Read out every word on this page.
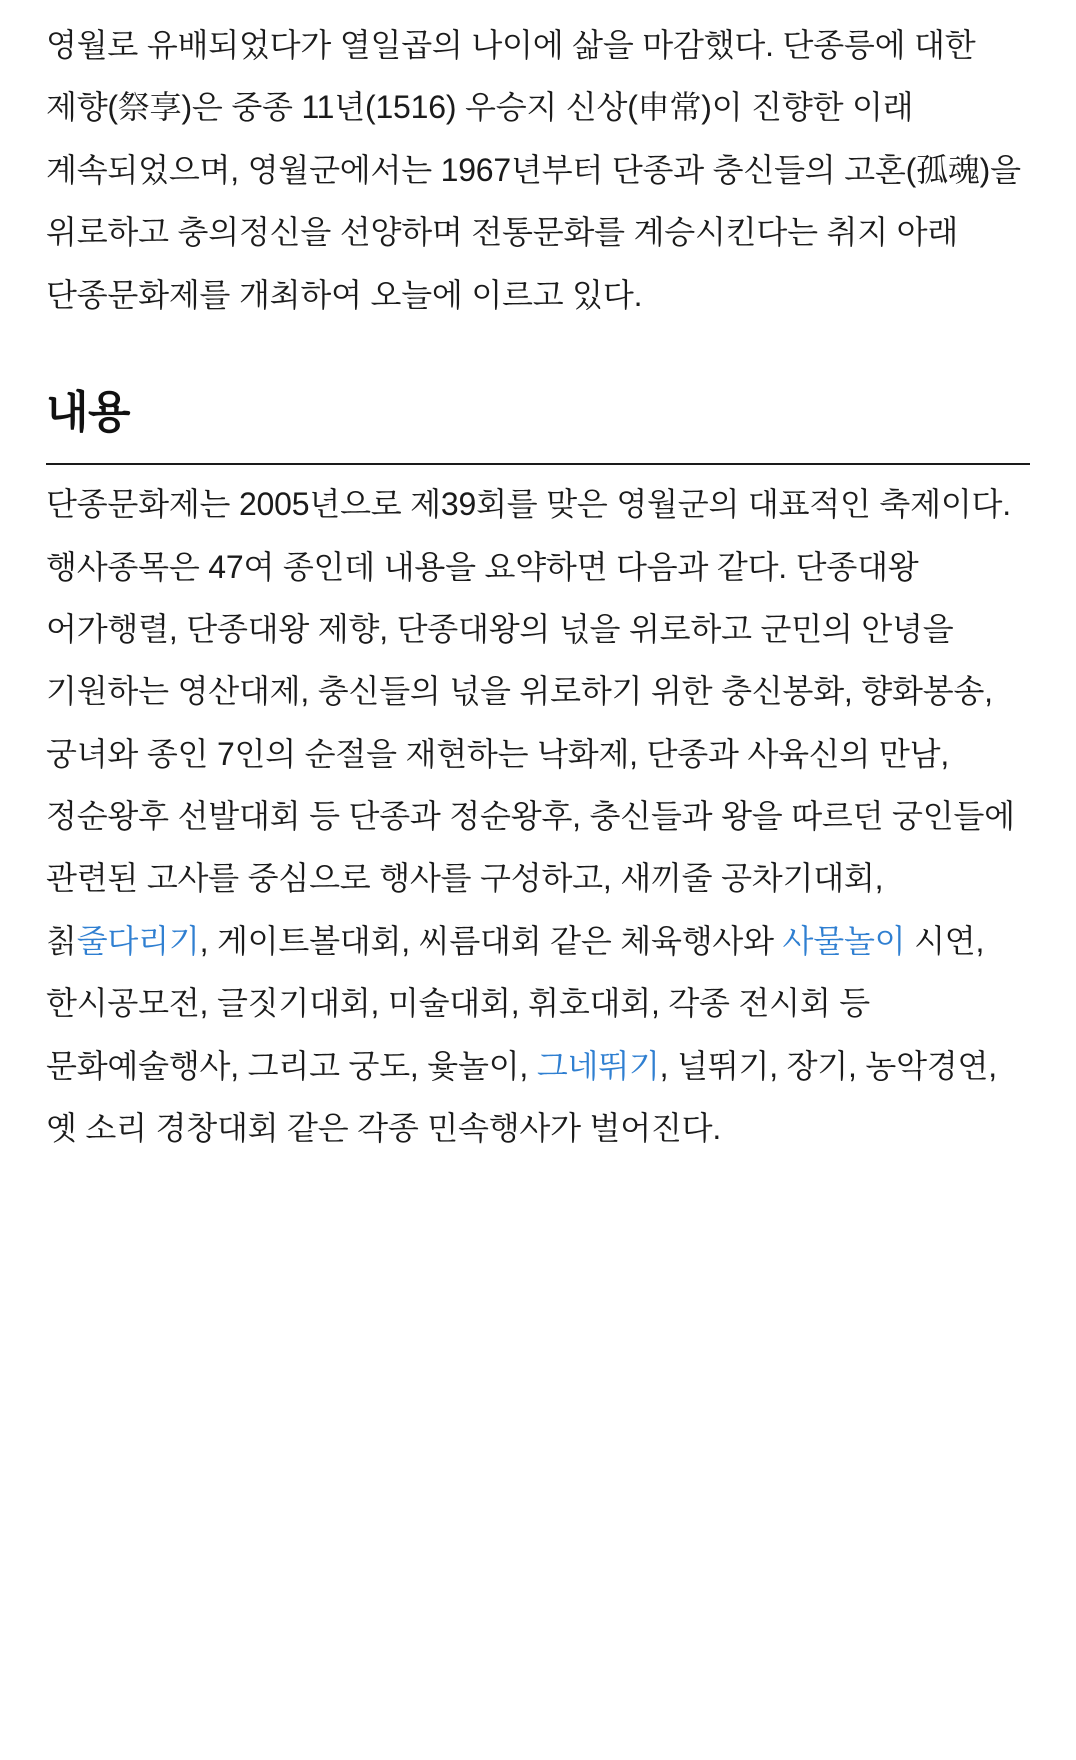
영월로 유배되었다가 열일곱의 나이에 삶을 마감했다. 단종릉에 대한 제향(祭享)은 중종 11년(1516) 우승지 신상(申常)이 진향한 이래 계속되었으며, 영월군에서는 1967년부터 단종과 충신들의 고혼(孤魂)을 위로하고 충의정신을 선양하며 전통문화를 계승시킨다는 취지 아래 단종문화제를 개최하여 오늘에 이르고 있다.

내용

단종문화제는 2005년으로 제39회를 맞은 영월군의 대표적인 축제이다. 행사종목은 47여 종인데 내용을 요약하면 다음과 같다. 단종대왕 어가행렬, 단종대왕 제향, 단종대왕의 넋을 위로하고 군민의 안녕을 기원하는 영산대제, 충신들의 넋을 위로하기 위한 충신봉화, 향화봉송, 궁녀와 종인 7인의 순절을 재현하는 낙화제, 단종과 사육신의 만남, 정순왕후 선발대회 등 단종과 정순왕후, 충신들과 왕을 따르던 궁인들에 관련된 고사를 중심으로 행사를 구성하고, 새끼줄 공차기대회, 칡줄다리기, 게이트볼대회, 씨름대회 같은 체육행사와 사물놀이 시연, 한시공모전, 글짓기대회, 미술대회, 휘호대회, 각종 전시회 등 문화예술행사, 그리고 궁도, 윷놀이, 그네뛰기, 널뛰기, 장기, 농악경연, 옛 소리 경창대회 같은 각종 민속행사가 벌어진다.
